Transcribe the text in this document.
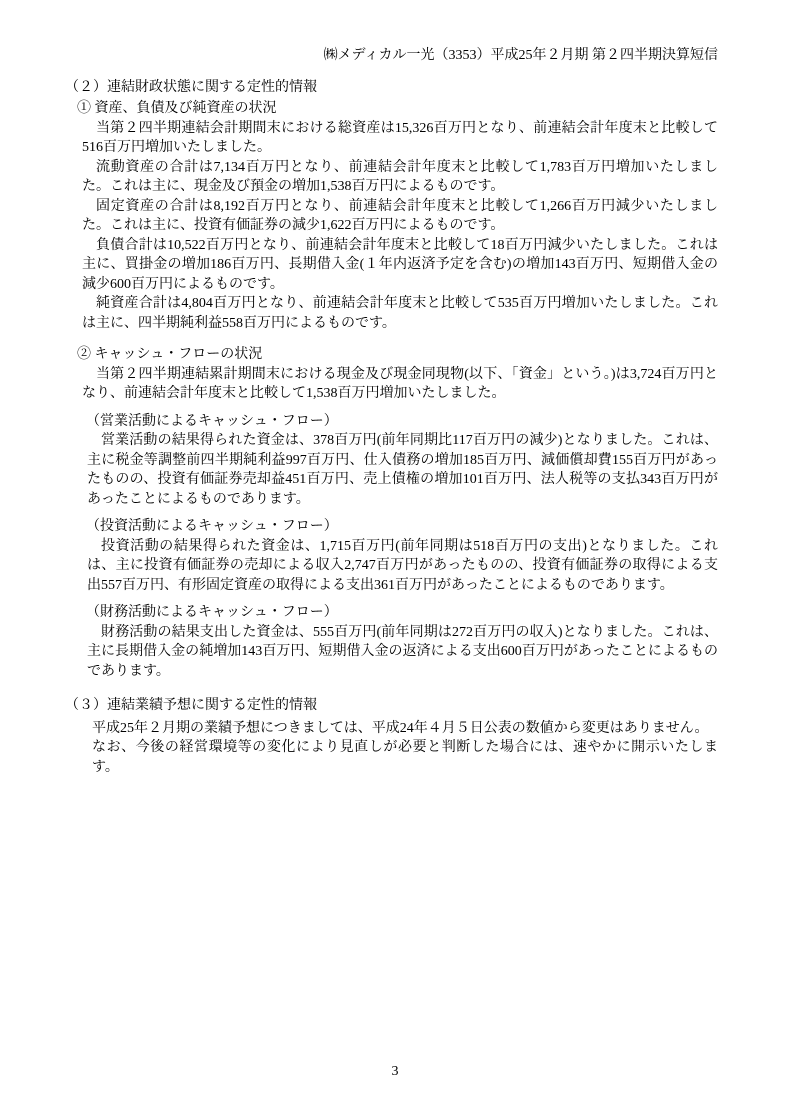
㈱メディカル一光（3353）平成25年２月期 第２四半期決算短信
（２）連結財政状態に関する定性的情報
① 資産、負債及び純資産の状況

当第２四半期連結会計期間末における総資産は15,326百万円となり、前連結会計年度末と比較して516百万円増加いたしました。

流動資産の合計は7,134百万円となり、前連結会計年度末と比較して1,783百万円増加いたしました。これは主に、現金及び預金の増加1,538百万円によるものです。

固定資産の合計は8,192百万円となり、前連結会計年度末と比較して1,266百万円減少いたしました。これは主に、投資有価証券の減少1,622百万円によるものです。

負債合計は10,522百万円となり、前連結会計年度末と比較して18百万円減少いたしました。これは主に、買掛金の増加186百万円、長期借入金(１年内返済予定を含む)の増加143百万円、短期借入金の減少600百万円によるものです。

純資産合計は4,804百万円となり、前連結会計年度末と比較して535百万円増加いたしました。これは主に、四半期純利益558百万円によるものです。

② キャッシュ・フローの状況

当第２四半期連結累計期間末における現金及び現金同現物(以下、「資金」という。)は3,724百万円となり、前連結会計年度末と比較して1,538百万円増加いたしました。

（営業活動によるキャッシュ・フロー）

営業活動の結果得られた資金は、378百万円(前年同期比117百万円の減少)となりました。これは、主に税金等調整前四半期純利益997百万円、仕入債務の増加185百万円、減価償却費155百万円があったものの、投資有価証券売却益451百万円、売上債権の増加101百万円、法人税等の支払343百万円があったことによるものであります。

（投資活動によるキャッシュ・フロー）

投資活動の結果得られた資金は、1,715百万円(前年同期は518百万円の支出)となりました。これは、主に投資有価証券の売却による収入2,747百万円があったものの、投資有価証券の取得による支出557百万円、有形固定資産の取得による支出361百万円があったことによるものであります。

（財務活動によるキャッシュ・フロー）

財務活動の結果支出した資金は、555百万円(前年同期は272百万円の収入)となりました。これは、主に長期借入金の純増加143百万円、短期借入金の返済による支出600百万円があったことによるものであります。

（３）連結業績予想に関する定性的情報

平成25年２月期の業績予想につきましては、平成24年４月５日公表の数値から変更はありません。

なお、今後の経営環境等の変化により見直しが必要と判断した場合には、速やかに開示いたします。

3
